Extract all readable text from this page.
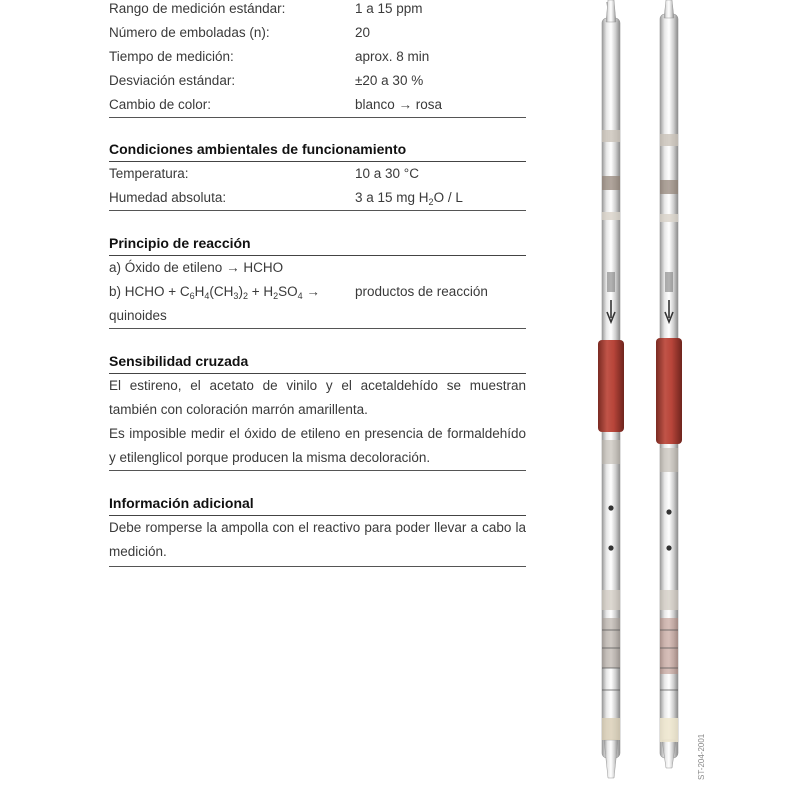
Rango de medición estándar:	1 a 15 ppm
Número de emboladas (n):	20
Tiempo de medición:	aprox. 8 min
Desviación estándar:	±20 a 30 %
Cambio de color:	blanco → rosa
Condiciones ambientales de funcionamiento
Temperatura:	10 a 30 °C
Humedad absoluta:	3 a 15 mg $H_2O$ / L
Principio de reacción
a) Óxido de etileno → HCHO
b) HCHO + $C_6H_4(CH_3)_2 + H_2SO_4$ →	productos de reacción
quinoides
Sensibilidad cruzada
El estireno, el acetato de vinilo y el acetaldehído se muestran también con coloración marrón amarillenta.
Es imposible medir el óxido de etileno en presencia de formaldehído y etilenglicol porque producen la misma decoloración.
Información adicional
Debe romperse la ampolla con el reactivo para poder llevar a cabo la medición.
ST-204-2001
